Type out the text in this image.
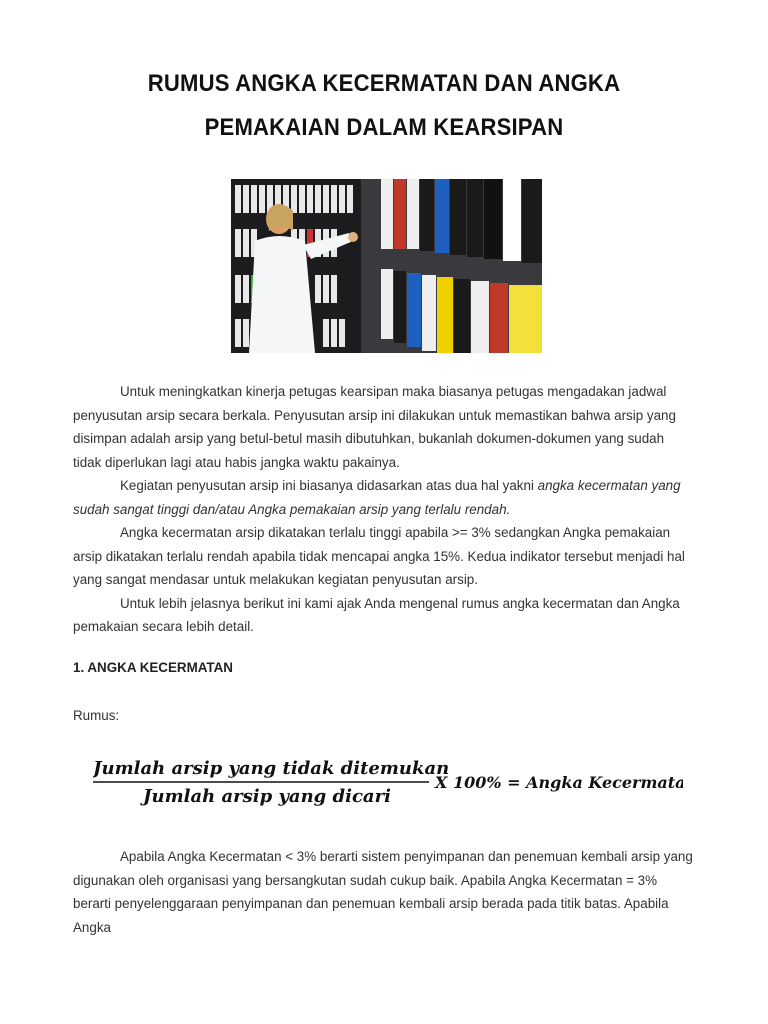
RUMUS ANGKA KECERMATAN DAN ANGKA
PEMAKAIAN DALAM KEARSIPAN

Untuk meningkatkan kinerja petugas kearsipan maka biasanya petugas mengadakan jadwal penyusutan arsip secara berkala. Penyusutan arsip ini dilakukan untuk memastikan bahwa arsip yang disimpan adalah arsip yang betul-betul masih dibutuhkan, bukanlah dokumen-dokumen yang sudah tidak diperlukan lagi atau habis jangka waktu pakainya.

Kegiatan penyusutan arsip ini biasanya didasarkan atas dua hal yakni angka kecermatan yang sudah sangat tinggi dan/atau Angka pemakaian arsip yang terlalu rendah.

Angka kecermatan arsip dikatakan terlalu tinggi apabila >= 3% sedangkan Angka pemakaian arsip dikatakan terlalu rendah apabila tidak mencapai angka 15%. Kedua indikator tersebut menjadi hal yang sangat mendasar untuk melakukan kegiatan penyusutan arsip.

Untuk lebih jelasnya berikut ini kami ajak Anda mengenal rumus angka kecermatan dan Angka pemakaian secara lebih detail.

1. ANGKA KECERMATAN
Rumus:
Jumlah arsip yang tidak ditemukan
Jumlah arsip yang dicari
X 100% = Angka Kecermatan

Apabila Angka Kecermatan < 3% berarti sistem penyimpanan dan penemuan kembali arsip yang digunakan oleh organisasi yang bersangkutan sudah cukup baik. Apabila Angka Kecermatan = 3% berarti penyelenggaraan penyimpanan dan penemuan kembali arsip berada pada titik batas. Apabila Angka
